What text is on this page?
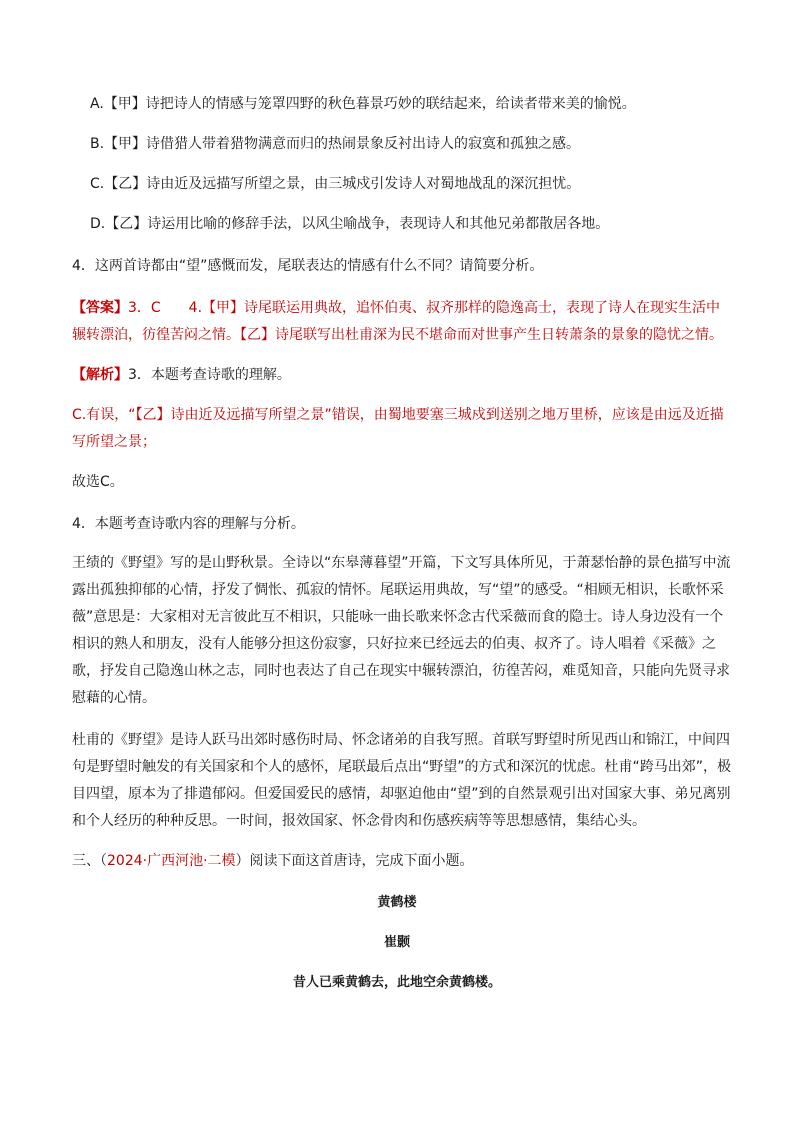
A.【甲】诗把诗人的情感与笼罩四野的秋色暮景巧妙的联结起来，给读者带来美的愉悦。

B.【甲】诗借猎人带着猎物满意而归的热闹景象反衬出诗人的寂寞和孤独之感。

C.【乙】诗由近及远描写所望之景，由三城戍引发诗人对蜀地战乱的深沉担忧。

D.【乙】诗运用比喻的修辞手法，以风尘喻战争，表现诗人和其他兄弟都散居各地。

4．这两首诗都由“望”感慨而发，尾联表达的情感有什么不同？请简要分析。

【答案】3．C　　4.【甲】诗尾联运用典故，追怀伯夷、叔齐那样的隐逸高士，表现了诗人在现实生活中辗转漂泊，彷徨苦闷之情。【乙】诗尾联写出杜甫深为民不堪命而对世事产生日转萧条的景象的隐忧之情。

【解析】3．本题考查诗歌的理解。

C.有误，“【乙】诗由近及远描写所望之景”错误，由蜀地要塞三城戍到送别之地万里桥，应该是由远及近描写所望之景；

故选C。

4．本题考查诗歌内容的理解与分析。

王绩的《野望》写的是山野秋景。全诗以“东皋薄暮望”开篇，下文写具体所见，于萧瑟怡静的景色描写中流露出孤独抑郁的心情，抒发了惆怅、孤寂的情怀。尾联运用典故，写“望”的感受。“相顾无相识，长歌怀采薇”意思是：大家相对无言彼此互不相识，只能咏一曲长歌来怀念古代采薇而食的隐士。诗人身边没有一个相识的熟人和朋友，没有人能够分担这份寂寥，只好拉来已经远去的伯夷、叔齐了。诗人唱着《采薇》之歌，抒发自己隐逸山林之志，同时也表达了自己在现实中辗转漂泊，彷徨苦闷，难觅知音，只能向先贤寻求慰藉的心情。

杜甫的《野望》是诗人跃马出郊时感伤时局、怀念诸弟的自我写照。首联写野望时所见西山和锦江，中间四句是野望时触发的有关国家和个人的感怀，尾联最后点出“野望”的方式和深沉的忧虑。杜甫“跨马出郊”，极目四望，原本为了排遣郁闷。但爱国爱民的感情，却驱迫他由“望”到的自然景观引出对国家大事、弟兄离别和个人经历的种种反思。一时间，报效国家、怀念骨肉和伤感疾病等等思想感情，集结心头。

三、（2024·广西河池·二模）阅读下面这首唐诗，完成下面小题。

黄鹤楼

崔颢

昔人已乘黄鹤去，此地空余黄鹤楼。
